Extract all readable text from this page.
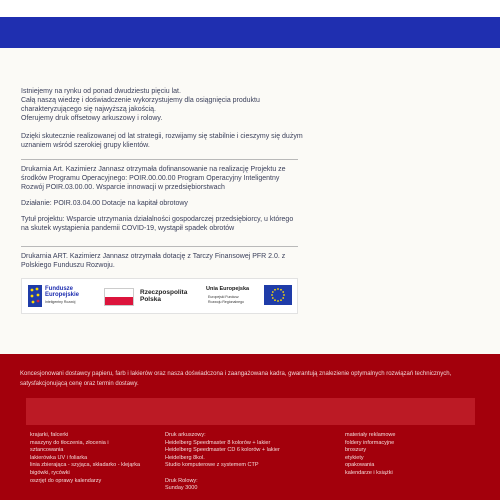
Istniejemy na rynku od ponad dwudziestu pięciu lat.

Całą naszą wiedzę i doświadczenie wykorzystujemy dla osiągnięcia produktu charakteryzującego się najwyższą jakością.

Oferujemy druk offsetowy arkuszowy i rolowy.

Dzięki skutecznie realizowanej od lat strategii, rozwijamy się stabilnie i cieszymy się dużym uznaniem wśród szerokiej grupy klientów.

Drukarnia Art. Kazimierz Jannasz otrzymała dofinansowanie na realizację Projektu ze środków Programu Operacyjnego: POIR.00.00.00 Program Operacyjny Inteligentny Rozwój POIR.03.00.00. Wsparcie innowacji w przedsiębiorstwach

Działanie: POIR.03.04.00 Dotacje na kapitał obrotowy

Tytuł projektu: Wsparcie utrzymania działalności gospodarczej przedsiębiorcy, u którego na skutek wystąpienia pandemii COVID-19, wystąpił spadek obrotów

Drukarnia ART. Kazimierz Jannasz otrzymała dotację z Tarczy Finansowej PFR 2.0. z Polskiego Funduszu Rozwoju.

Fundusze
Europejskie
Inteligentny Rozwój
Rzeczpospolita
Polska
Unia Europejska
Europejski Fundusz
Rozwoju Regionalnego

Koncesjonowani dostawcy papieru, farb i lakierów oraz nasza doświadczona i zaangażowana kadra, gwarantują znalezienie optymalnych rozwiązań technicznych, satysfakcjonującą cenę oraz termin dostawy.

krajarki, falcerki
maszyny do tłoczenia, złocenia i sztancowania
lakierówka UV i foliarka
linia zbierająca - szyjąca, składarko - klejąrka
bigówki, rycówki
oszrjęt do oprawy kalendarzy
Druk arkuszowy:
Heidelberg Speedmaster 8 kolorów + lakier
Heidelberg Speedmaster CD 6 kolorów + lakier
Heidelberg 8kol.
Studio komputerowe z systemem CTP
Druk Rolowy:
Sunday 3000
materiały reklamowe
foldery informacyjne
broszury
etykiety
opakowania
kalendarze i książki
